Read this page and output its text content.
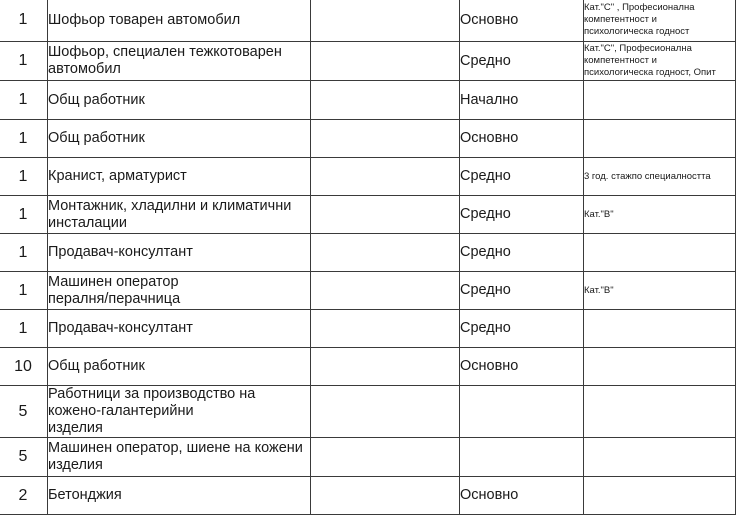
1	Шофьор товарен автомобил		Основно	Кат."С" , Професионална
компетентност и
психологическа годност

1	Шофьор, специален тежкотоварен
автомобил		Средно	Кат."С", Професионална
компетентност и
психологическа годност, Опит

1	Общ работник		Начално	
1	Общ работник		Основно	
1	Кранист, арматурист		Средно	3 год. стажпо специалността

1	Монтажник, хладилни и климатични
инсталации		Средно	Кат."В"

1	Продавач-консултант		Средно	
1	Машинен оператор
пералня/перачница		Средно	Кат."В"

1	Продавач-консултант		Средно	
10	Общ работник		Основно	
5	Работници за производство на
кожено-галантерийни
изделия			

5	Машинен оператор, шиене на кожени
изделия			

2	Бетонджия		Основно	
